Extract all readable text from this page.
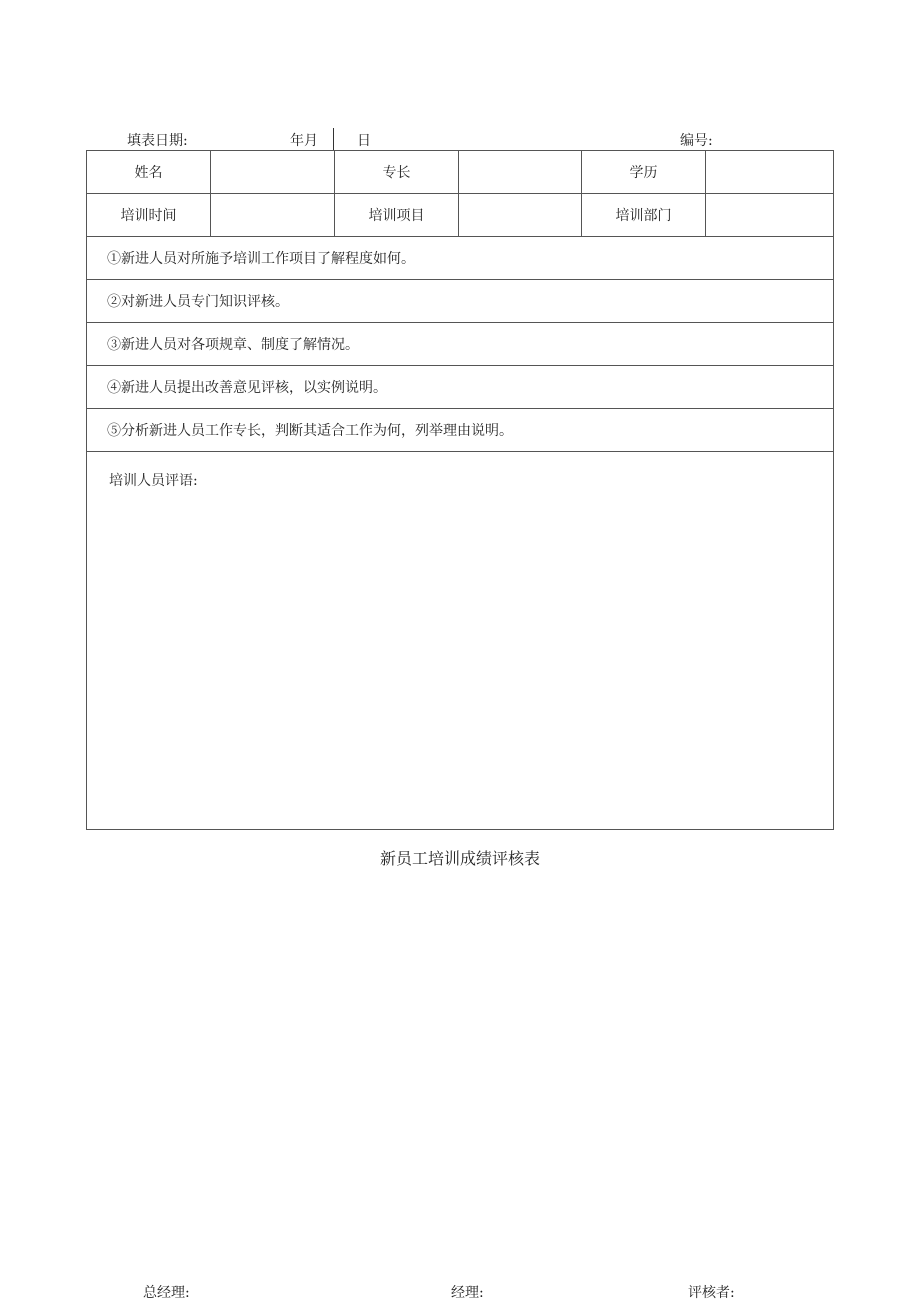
填表日期:	年月	日	编号:
姓名		专长		学历	
培训时间		培训项目		培训部门	
①新进人员对所施予培训工作项目了解程度如何。					
②对新进人员专门知识评核。					
③新进人员对各项规章、制度了解情况。					
④新进人员提出改善意见评核，以实例说明。					
⑤分析新进人员工作专长，判断其适合工作为何，列举理由说明。					
培训人员评语:					
新员工培训成绩评核表
总经理:	经理:	评核者:
